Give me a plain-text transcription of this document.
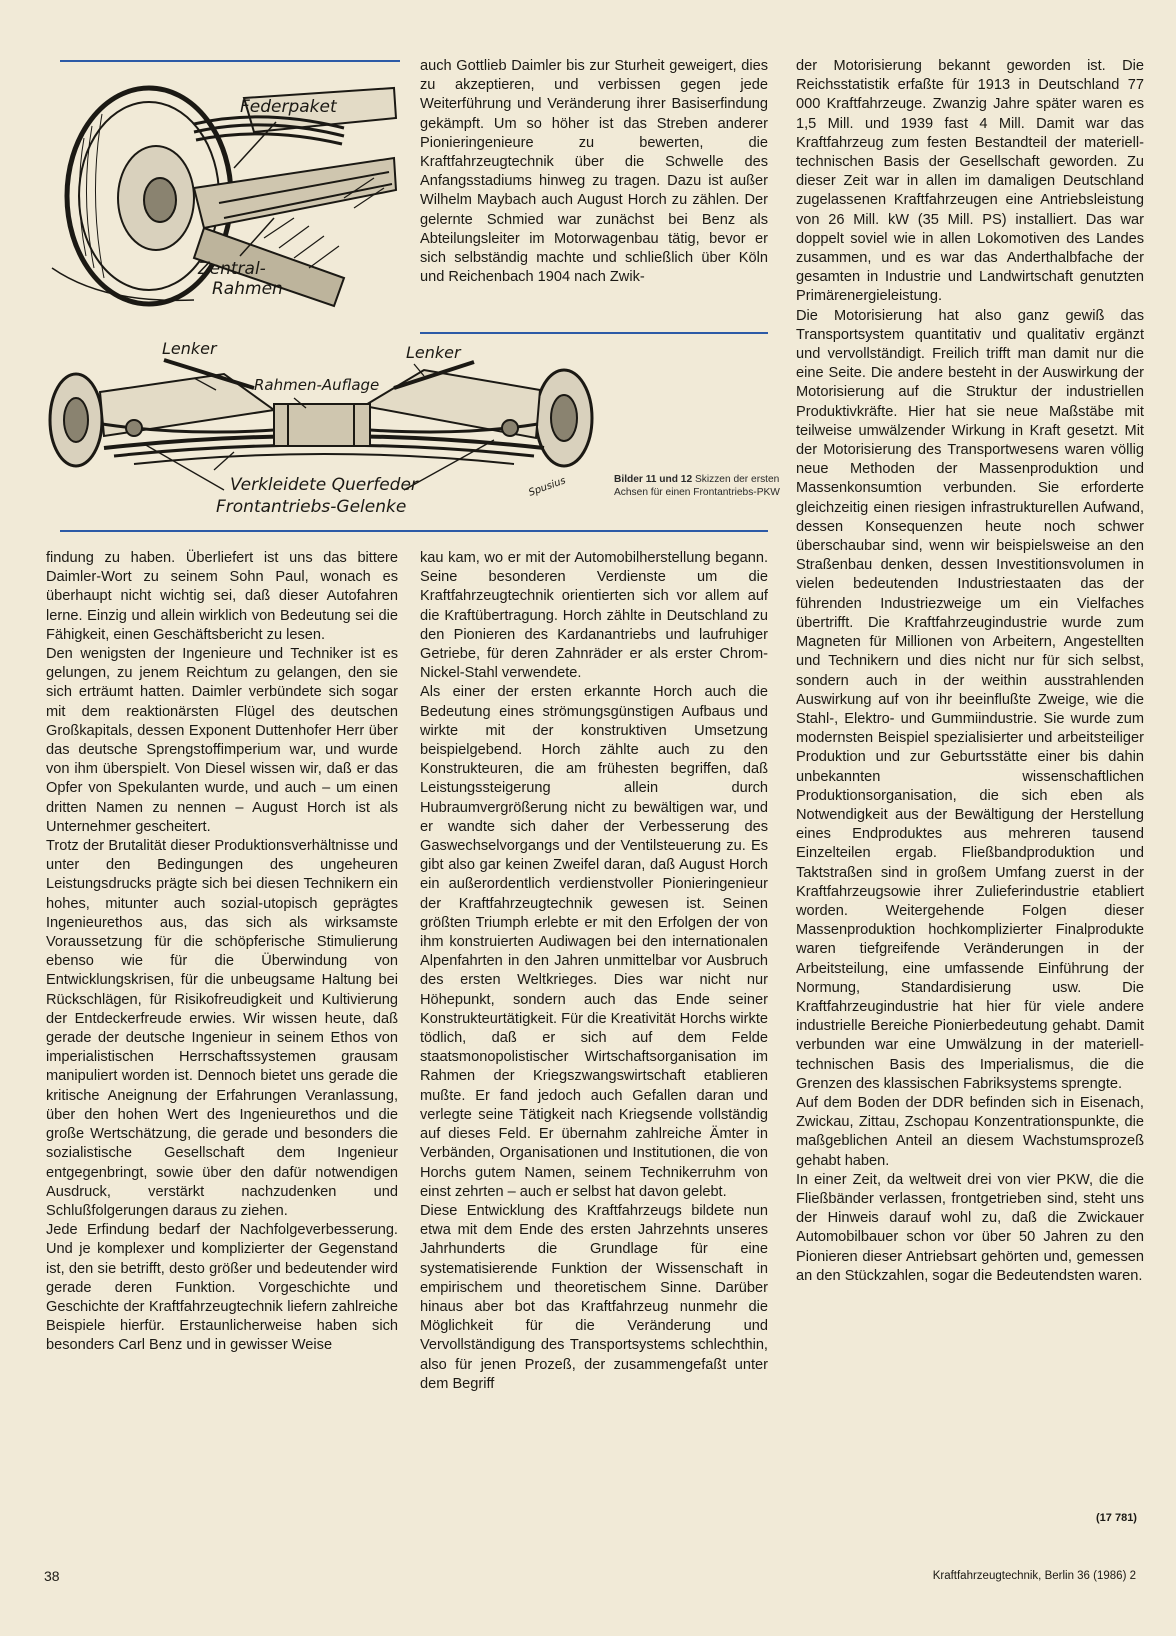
Federpaket
Zentral-
Rahmen
Lenker	Lenker
Rahmen-Auflage
Verkleidete Querfeder
Frontantriebs-Gelenke
Spusius	Bilder 11 und 12 Skizzen der ersten Achsen für einen Frontantriebs-PKW

auch Gottlieb Daimler bis zur Sturheit geweigert, dies zu akzeptieren, und verbissen gegen jede Weiterführung und Veränderung ihrer Basiserfindung gekämpft. Um so höher ist das Streben anderer Pionieringenieure zu bewerten, die Kraftfahrzeugtechnik über die Schwelle des Anfangsstadiums hinweg zu tragen. Dazu ist außer Wilhelm Maybach auch August Horch zu zählen. Der gelernte Schmied war zunächst bei Benz als Abteilungsleiter im Motorwagenbau tätig, bevor er sich selbständig machte und schließlich über Köln und Reichenbach 1904 nach Zwik-

findung zu haben. Überliefert ist uns das bittere Daimler-Wort zu seinem Sohn Paul, wonach es überhaupt nicht wichtig sei, daß dieser Autofahren lerne. Einzig und allein wirklich von Bedeutung sei die Fähigkeit, einen Geschäftsbericht zu lesen.

Den wenigsten der Ingenieure und Techniker ist es gelungen, zu jenem Reichtum zu gelangen, den sie sich erträumt hatten. Daimler verbündete sich sogar mit dem reaktionärsten Flügel des deutschen Großkapitals, dessen Exponent Duttenhofer Herr über das deutsche Sprengstoffimperium war, und wurde von ihm überspielt. Von Diesel wissen wir, daß er das Opfer von Spekulanten wurde, und auch – um einen dritten Namen zu nennen – August Horch ist als Unternehmer gescheitert.

Trotz der Brutalität dieser Produktionsverhältnisse und unter den Bedingungen des ungeheuren Leistungsdrucks prägte sich bei diesen Technikern ein hohes, mitunter auch sozial-utopisch geprägtes Ingenieurethos aus, das sich als wirksamste Voraussetzung für die schöpferische Stimulierung ebenso wie für die Überwindung von Entwicklungskrisen, für die unbeugsame Haltung bei Rückschlägen, für Risikofreudigkeit und Kultivierung der Entdeckerfreude erwies. Wir wissen heute, daß gerade der deutsche Ingenieur in seinem Ethos von imperialistischen Herrschaftssystemen grausam manipuliert worden ist. Dennoch bietet uns gerade die kritische Aneignung der Erfahrungen Veranlassung, über den hohen Wert des Ingenieurethos und die große Wertschätzung, die gerade und besonders die sozialistische Gesellschaft dem Ingenieur entgegenbringt, sowie über den dafür notwendigen Ausdruck, verstärkt nachzudenken und Schlußfolgerungen daraus zu ziehen.

Jede Erfindung bedarf der Nachfolgeverbesserung. Und je komplexer und komplizierter der Gegenstand ist, den sie betrifft, desto größer und bedeutender wird gerade deren Funktion. Vorgeschichte und Geschichte der Kraftfahrzeugtechnik liefern zahlreiche Beispiele hierfür. Erstaunlicherweise haben sich besonders Carl Benz und in gewisser Weise

kau kam, wo er mit der Automobilherstellung begann. Seine besonderen Verdienste um die Kraftfahrzeugtechnik orientierten sich vor allem auf die Kraftübertragung. Horch zählte in Deutschland zu den Pionieren des Kardanantriebs und laufruhiger Getriebe, für deren Zahnräder er als erster Chrom-Nickel-Stahl verwendete.

Als einer der ersten erkannte Horch auch die Bedeutung eines strömungsgünstigen Aufbaus und wirkte mit der konstruktiven Umsetzung beispielgebend. Horch zählte auch zu den Konstrukteuren, die am frühesten begriffen, daß Leistungssteigerung allein durch Hubraumvergrößerung nicht zu bewältigen war, und er wandte sich daher der Verbesserung des Gaswechselvorgangs und der Ventilsteuerung zu. Es gibt also gar keinen Zweifel daran, daß August Horch ein außerordentlich verdienstvoller Pionieringenieur der Kraftfahrzeugtechnik gewesen ist. Seinen größten Triumph erlebte er mit den Erfolgen der von ihm konstruierten Audiwagen bei den internationalen Alpenfahrten in den Jahren unmittelbar vor Ausbruch des ersten Weltkrieges. Dies war nicht nur Höhepunkt, sondern auch das Ende seiner Konstrukteurtätigkeit. Für die Kreativität Horchs wirkte tödlich, daß er sich auf dem Felde staatsmonopolistischer Wirtschaftsorganisation im Rahmen der Kriegszwangswirtschaft etablieren mußte. Er fand jedoch auch Gefallen daran und verlegte seine Tätigkeit nach Kriegsende vollständig auf dieses Feld. Er übernahm zahlreiche Ämter in Verbänden, Organisationen und Institutionen, die von Horchs gutem Namen, seinem Technikerruhm von einst zehrten – auch er selbst hat davon gelebt.

Diese Entwicklung des Kraftfahrzeugs bildete nun etwa mit dem Ende des ersten Jahrzehnts unseres Jahrhunderts die Grundlage für eine systematisierende Funktion der Wissenschaft in empirischem und theoretischem Sinne. Darüber hinaus aber bot das Kraftfahrzeug nunmehr die Möglichkeit für die Veränderung und Vervollständigung des Transportsystems schlechthin, also für jenen Prozeß, der zusammengefaßt unter dem Begriff

der Motorisierung bekannt geworden ist. Die Reichsstatistik erfaßte für 1913 in Deutschland 77 000 Kraftfahrzeuge. Zwanzig Jahre später waren es 1,5 Mill. und 1939 fast 4 Mill. Damit war das Kraftfahrzeug zum festen Bestandteil der materiell-technischen Basis der Gesellschaft geworden. Zu dieser Zeit war in allen im damaligen Deutschland zugelassenen Kraftfahrzeugen eine Antriebsleistung von 26 Mill. kW (35 Mill. PS) installiert. Das war doppelt soviel wie in allen Lokomotiven des Landes zusammen, und es war das Anderthalbfache der gesamten in Industrie und Landwirtschaft genutzten Primärenergieleistung.

Die Motorisierung hat also ganz gewiß das Transportsystem quantitativ und qualitativ ergänzt und vervollständigt. Freilich trifft man damit nur die eine Seite. Die andere besteht in der Auswirkung der Motorisierung auf die Struktur der industriellen Produktivkräfte. Hier hat sie neue Maßstäbe mit teilweise umwälzender Wirkung in Kraft gesetzt. Mit der Motorisierung des Transportwesens waren völlig neue Methoden der Massenproduktion und Massenkonsumtion verbunden. Sie erforderte gleichzeitig einen riesigen infrastrukturellen Aufwand, dessen Konsequenzen heute noch schwer überschaubar sind, wenn wir beispielsweise an den Straßenbau denken, dessen Investitionsvolumen in vielen bedeutenden Industriestaaten das der führenden Industriezweige um ein Vielfaches übertrifft. Die Kraftfahrzeugindustrie wurde zum Magneten für Millionen von Arbeitern, Angestellten und Technikern und dies nicht nur für sich selbst, sondern auch in der weithin ausstrahlenden Auswirkung auf von ihr beeinflußte Zweige, wie die Stahl-, Elektro- und Gummiindustrie. Sie wurde zum modernsten Beispiel spezialisierter und arbeitsteiliger Produktion und zur Geburtsstätte einer bis dahin unbekannten wissenschaftlichen Produktionsorganisation, die sich eben als Notwendigkeit aus der Bewältigung der Herstellung eines Endproduktes aus mehreren tausend Einzelteilen ergab. Fließbandproduktion und Taktstraßen sind in großem Umfang zuerst in der Kraftfahrzeugsowie ihrer Zulieferindustrie etabliert worden. Weitergehende Folgen dieser Massenproduktion hochkomplizierter Finalprodukte waren tiefgreifende Veränderungen in der Arbeitsteilung, eine umfassende Einführung der Normung, Standardisierung usw. Die Kraftfahrzeugindustrie hat hier für viele andere industrielle Bereiche Pionierbedeutung gehabt. Damit verbunden war eine Umwälzung in der materiell-technischen Basis des Imperialismus, die die Grenzen des klassischen Fabriksystems sprengte.

Auf dem Boden der DDR befinden sich in Eisenach, Zwickau, Zittau, Zschopau Konzentrationspunkte, die maßgeblichen Anteil an diesem Wachstumsprozeß gehabt haben.

In einer Zeit, da weltweit drei von vier PKW, die die Fließbänder verlassen, frontgetrieben sind, steht uns der Hinweis darauf wohl zu, daß die Zwickauer Automobilbauer schon vor über 50 Jahren zu den Pionieren dieser Antriebsart gehörten und, gemessen an den Stückzahlen, sogar die Bedeutendsten waren.

(17 781)
38	Kraftfahrzeugtechnik, Berlin 36 (1986) 2
